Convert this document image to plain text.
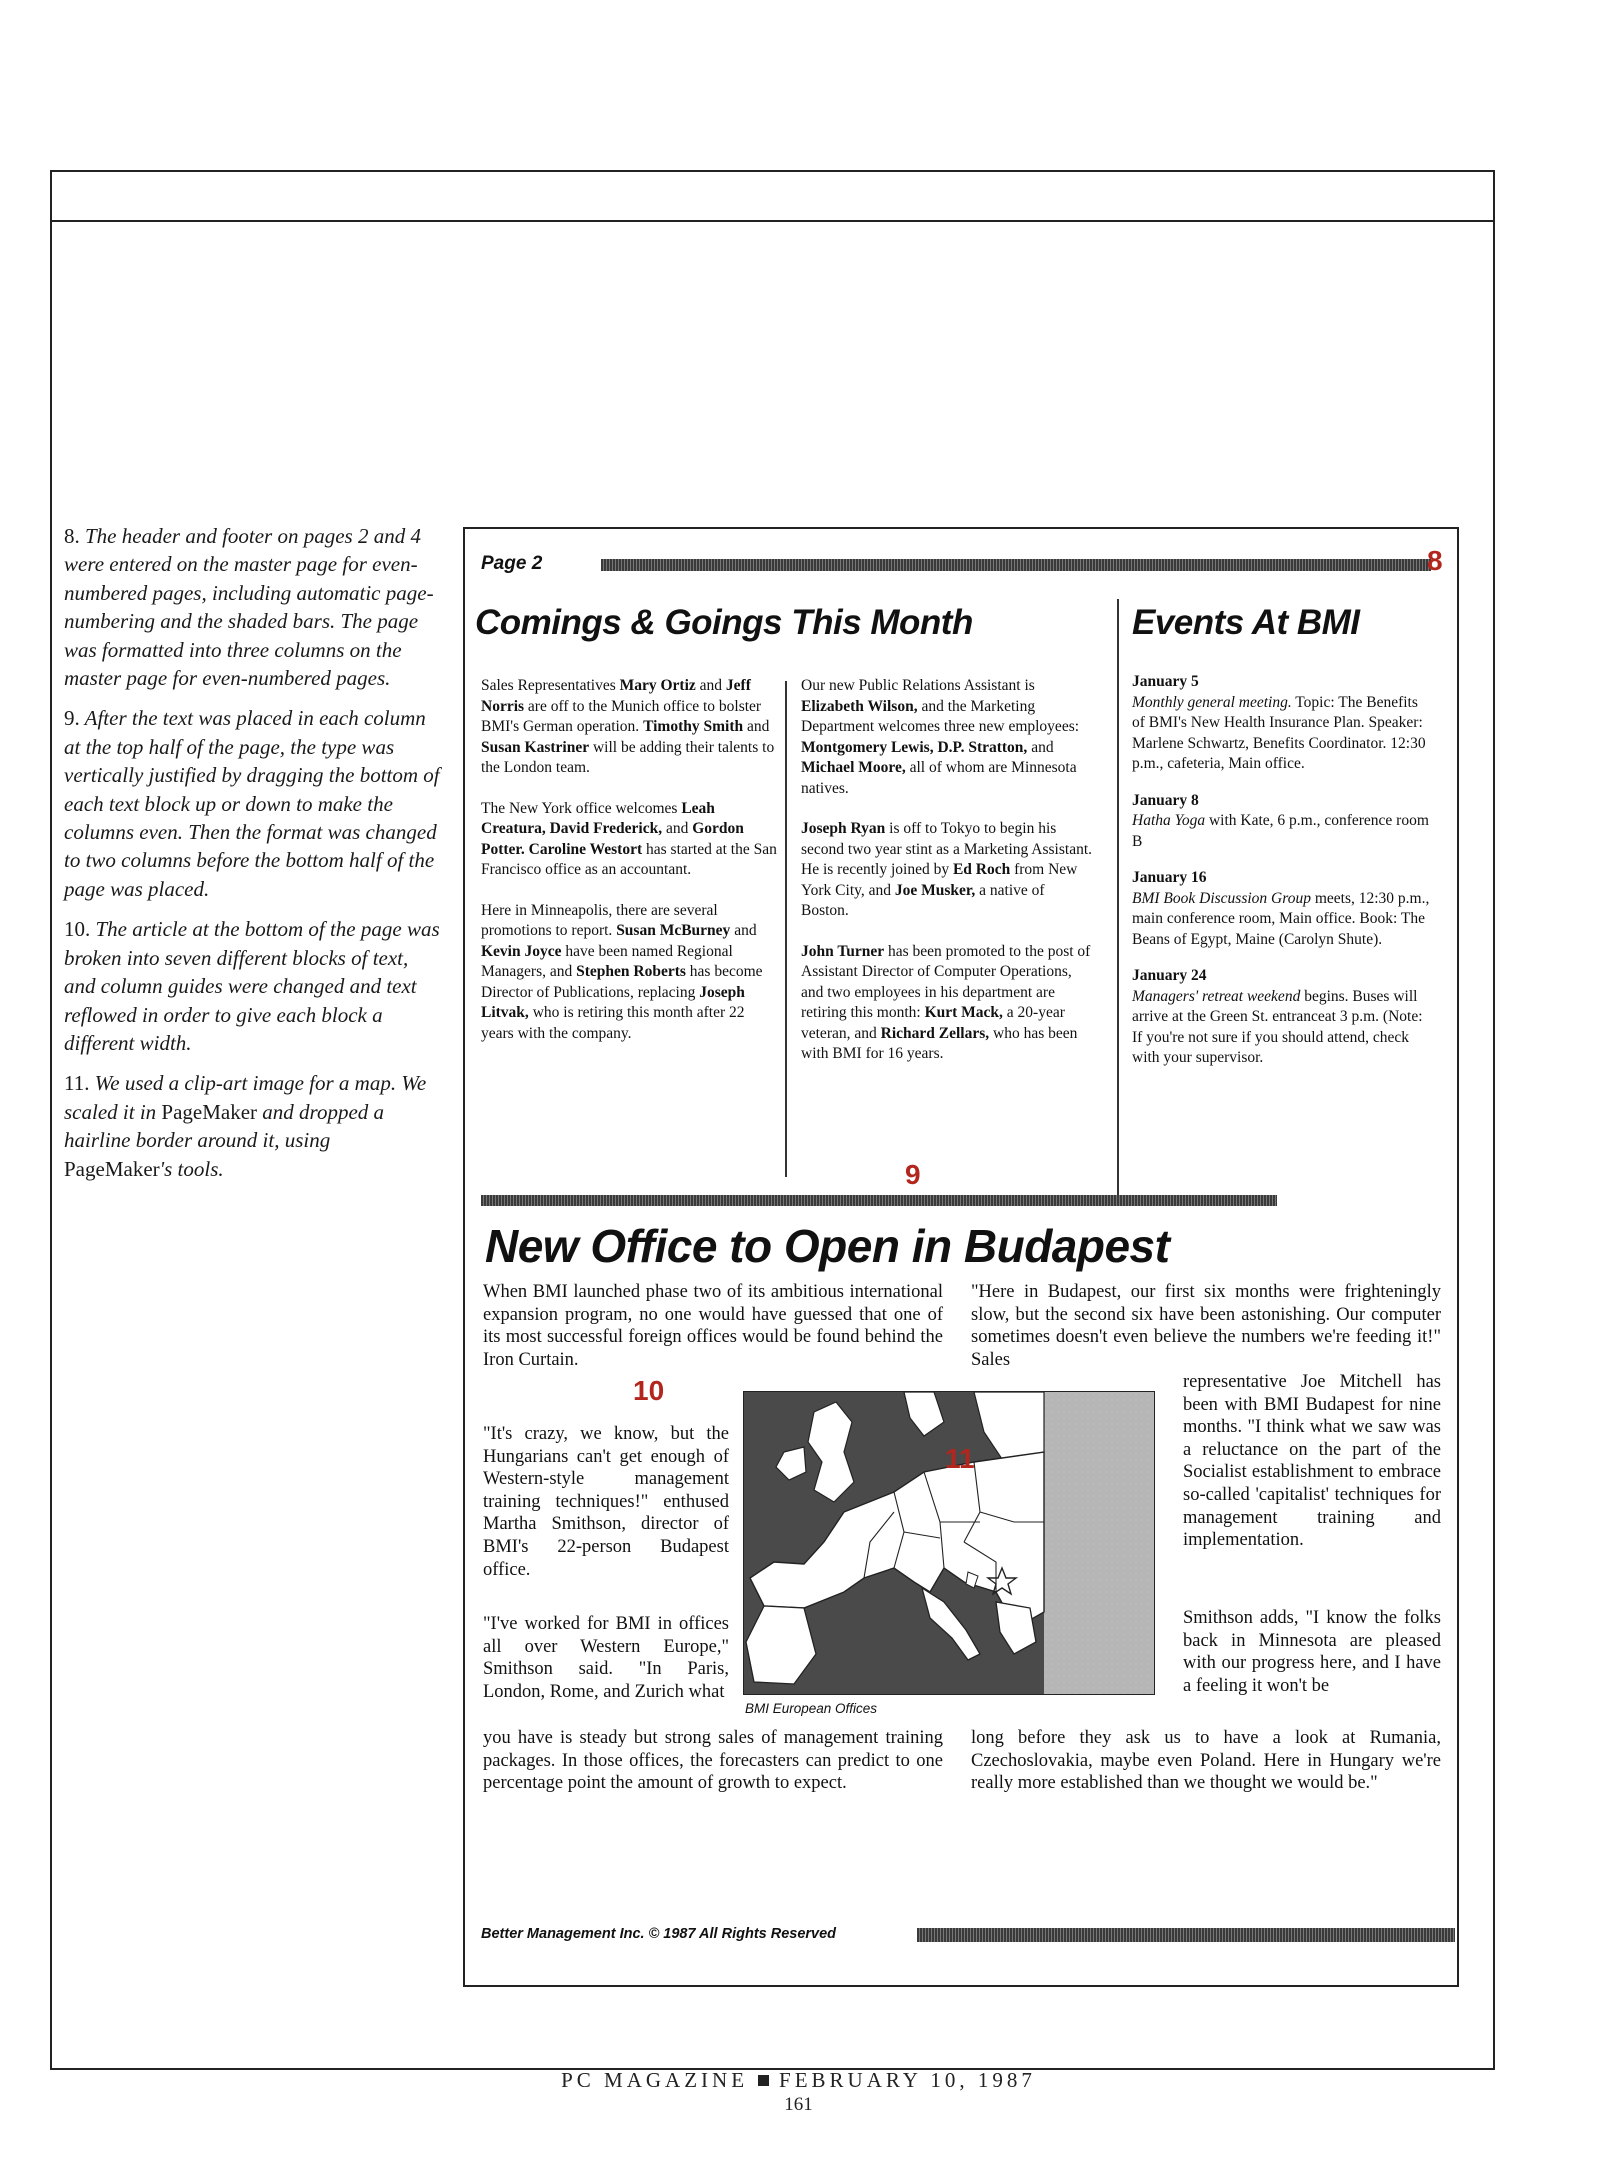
8. The header and footer on pages 2 and 4 were entered on the master page for even-numbered pages, including automatic page-numbering and the shaded bars. The page was formatted into three columns on the master page for even-numbered pages.
9. After the text was placed in each column at the top half of the page, the type was vertically justified by dragging the bottom of each text block up or down to make the columns even. Then the format was changed to two columns before the bottom half of the page was placed.
10. The article at the bottom of the page was broken into seven different blocks of text, and column guides were changed and text reflowed in order to give each block a different width.
11. We used a clip-art image for a map. We scaled it in PageMaker and dropped a hairline border around it, using PageMaker's tools.
Page 2	8
Comings & Goings This Month	Events At BMI

Sales Representatives Mary Ortiz and Jeff Norris are off to the Munich office to bolster BMI's German operation. Timothy Smith and Susan Kastriner will be adding their talents to the London team.

The New York office welcomes Leah Creatura, David Frederick, and Gordon Potter. Caroline Westort has started at the San Francisco office as an accountant.

Here in Minneapolis, there are several promotions to report. Susan McBurney and Kevin Joyce have been named Regional Managers, and Stephen Roberts has become Director of Publications, replacing Joseph Litvak, who is retiring this month after 22 years with the company.

Our new Public Relations Assistant is Elizabeth Wilson, and the Marketing Department welcomes three new employees: Montgomery Lewis, D.P. Stratton, and Michael Moore, all of whom are Minnesota natives.

Joseph Ryan is off to Tokyo to begin his second two year stint as a Marketing Assistant. He is recently joined by Ed Roch from New York City, and Joe Musker, a native of Boston.

John Turner has been promoted to the post of Assistant Director of Computer Operations, and two employees in his department are retiring this month: Kurt Mack, a 20-year veteran, and Richard Zellars, who has been with BMI for 16 years.

9
January 5
Monthly general meeting. Topic: The Benefits of BMI's New Health Insurance Plan. Speaker: Marlene Schwartz, Benefits Coordinator. 12:30 p.m., cafeteria, Main office.
January 8
Hatha Yoga with Kate, 6 p.m., conference room B
January 16
BMI Book Discussion Group meets, 12:30 p.m., main conference room, Main office. Book: The Beans of Egypt, Maine (Carolyn Shute).
January 24
Managers' retreat weekend begins. Buses will arrive at the Green St. entranceat 3 p.m. (Note: If you're not sure if you should attend, check with your supervisor.
New Office to Open in Budapest
When BMI launched phase two of its ambitious international expansion program, no one would have guessed that one of its most successful foreign offices would be found behind the Iron Curtain.
10
"It's crazy, we know, but the Hungarians can't get enough of Western-style management training techniques!" enthused Martha Smithson, director of BMI's 22-person Budapest office.
"I've worked for BMI in offices all over Western Europe," Smithson said. "In Paris, London, Rome, and Zurich what
you have is steady but strong sales of management training packages. In those offices, the forecasters can predict to one percentage point the amount of growth to expect.
"Here in Budapest, our first six months were frighteningly slow, but the second six have been astonishing. Our computer sometimes doesn't even believe the numbers we're feeding it!" Sales
representative Joe Mitchell has been with BMI Budapest for nine months. "I think what we saw was a reluctance on the part of the Socialist establishment to embrace so-called 'capitalist' techniques for management training and implementation.
Smithson adds, "I know the folks back in Minnesota are pleased with our progress here, and I have a feeling it won't be
long before they ask us to have a look at Rumania, Czechoslovakia, maybe even Poland. Here in Hungary we're really more established than we thought we would be."
11
BMI European Offices
Better Management Inc. © 1987 All Rights Reserved
PC MAGAZINE FEBRUARY 10, 1987
161
